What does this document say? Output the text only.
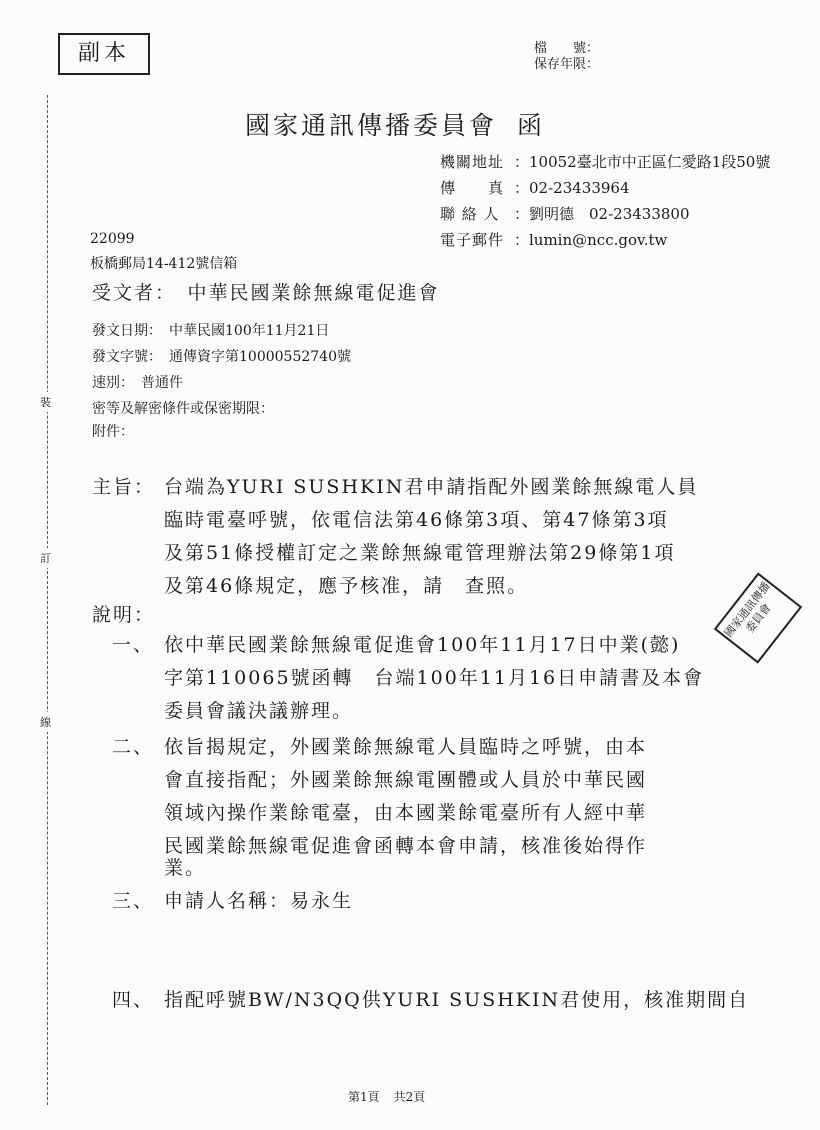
副本	檔　　號：
保存年限：
國家通訊傳播委員會 函
機關地址 ：10052臺北市中正區仁愛路1段50號
傳　　真 ：02-23433964
聯 絡 人 ：劉明德　02-23433800
電子郵件 ：lumin@ncc.gov.tw
22099
板橋郵局14-412號信箱
受文者：　中華民國業餘無線電促進會
發文日期：　中華民國100年11月21日
發文字號：　通傳資字第10000552740號
速別：　普通件
密等及解密條件或保密期限：
附件：
裝
訂
線
主旨： 台端為YURI SUSHKIN君申請指配外國業餘無線電人員
臨時電臺呼號，依電信法第46條第3項、第47條第3項
及第51條授權訂定之業餘無線電管理辦法第29條第1項
及第46條規定，應予核准，請　查照。
說明：
一、 依中華民國業餘無線電促進會100年11月17日中業(懿)
字第110065號函轉　台端100年11月16日申請書及本會
委員會議決議辦理。
二、 依旨揭規定，外國業餘無線電人員臨時之呼號，由本
會直接指配；外國業餘無線電團體或人員於中華民國
領域內操作業餘電臺，由本國業餘電臺所有人經中華
民國業餘無線電促進會函轉本會申請，核准後始得作
業。
三、 申請人名稱：易永生
四、 指配呼號BW/N3QQ供YURI SUSHKIN君使用，核准期間自
國家通訊傳播委員會
第1頁 共2頁
